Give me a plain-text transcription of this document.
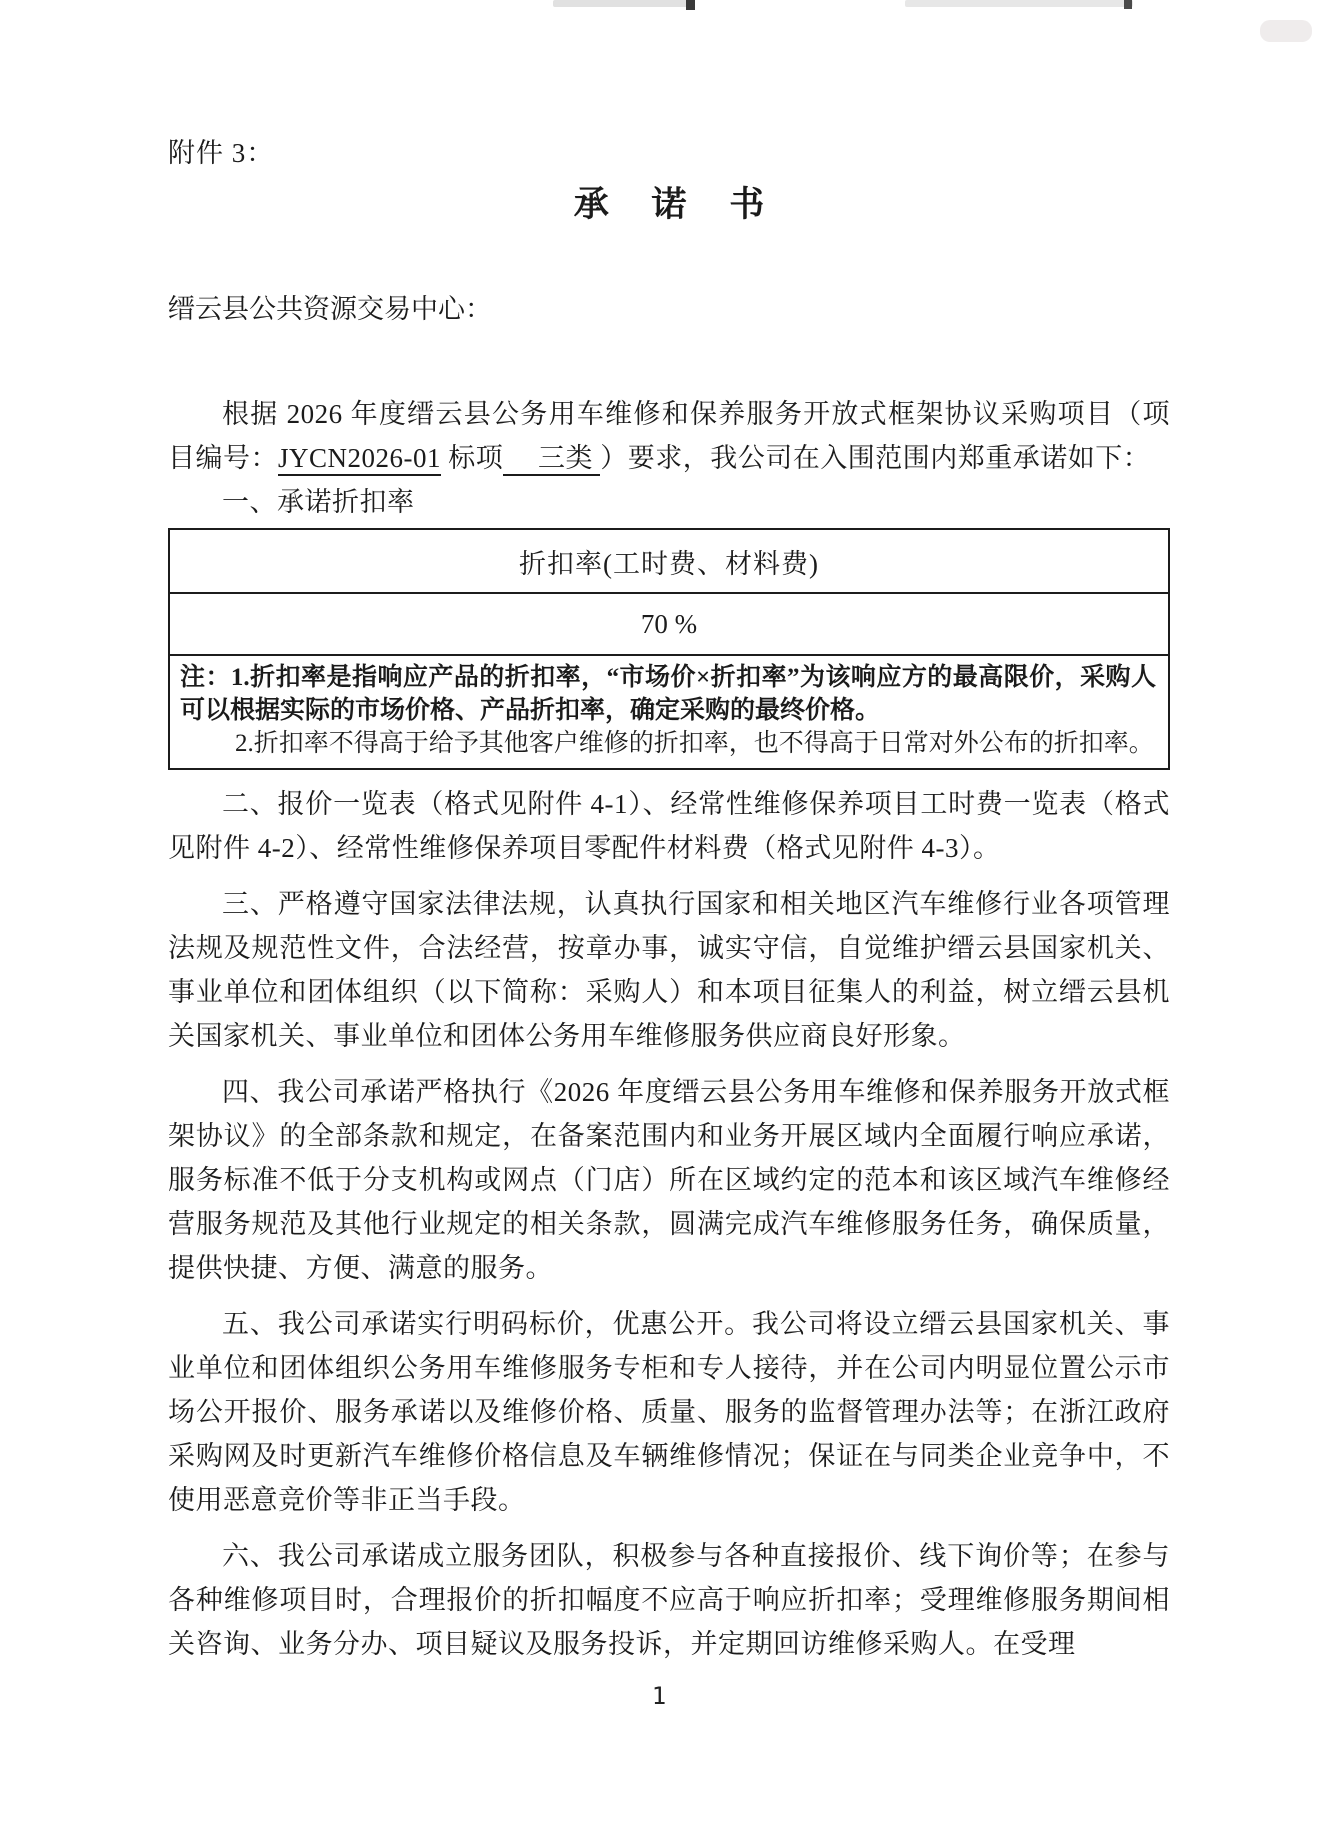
附件 3：
承 诺 书
缙云县公共资源交易中心：

根据 2026 年度缙云县公务用车维修和保养服务开放式框架协议采购项目（项目编号：JYCN2026-01 标项　 三类 ）要求，我公司在入围范围内郑重承诺如下：

一、承诺折扣率

折扣率(工时费、材料费)
70 %

注：1.折扣率是指响应产品的折扣率，“市场价×折扣率”为该响应方的最高限价，采购人可以根据实际的市场价格、产品折扣率，确定采购的最终价格。
2.折扣率不得高于给予其他客户维修的折扣率，也不得高于日常对外公布的折扣率。

二、报价一览表（格式见附件 4-1）、经常性维修保养项目工时费一览表（格式见附件 4-2）、经常性维修保养项目零配件材料费（格式见附件 4-3）。

三、严格遵守国家法律法规，认真执行国家和相关地区汽车维修行业各项管理法规及规范性文件，合法经营，按章办事，诚实守信，自觉维护缙云县国家机关、事业单位和团体组织（以下简称：采购人）和本项目征集人的利益，树立缙云县机关国家机关、事业单位和团体公务用车维修服务供应商良好形象。

四、我公司承诺严格执行《2026 年度缙云县公务用车维修和保养服务开放式框架协议》的全部条款和规定，在备案范围内和业务开展区域内全面履行响应承诺，服务标准不低于分支机构或网点（门店）所在区域约定的范本和该区域汽车维修经营服务规范及其他行业规定的相关条款，圆满完成汽车维修服务任务，确保质量，提供快捷、方便、满意的服务。

五、我公司承诺实行明码标价，优惠公开。我公司将设立缙云县国家机关、事业单位和团体组织公务用车维修服务专柜和专人接待，并在公司内明显位置公示市场公开报价、服务承诺以及维修价格、质量、服务的监督管理办法等；在浙江政府采购网及时更新汽车维修价格信息及车辆维修情况；保证在与同类企业竞争中，不使用恶意竞价等非正当手段。

六、我公司承诺成立服务团队，积极参与各种直接报价、线下询价等；在参与各种维修项目时，合理报价的折扣幅度不应高于响应折扣率；受理维修服务期间相关咨询、业务分办、项目疑议及服务投诉，并定期回访维修采购人。在受理

1
